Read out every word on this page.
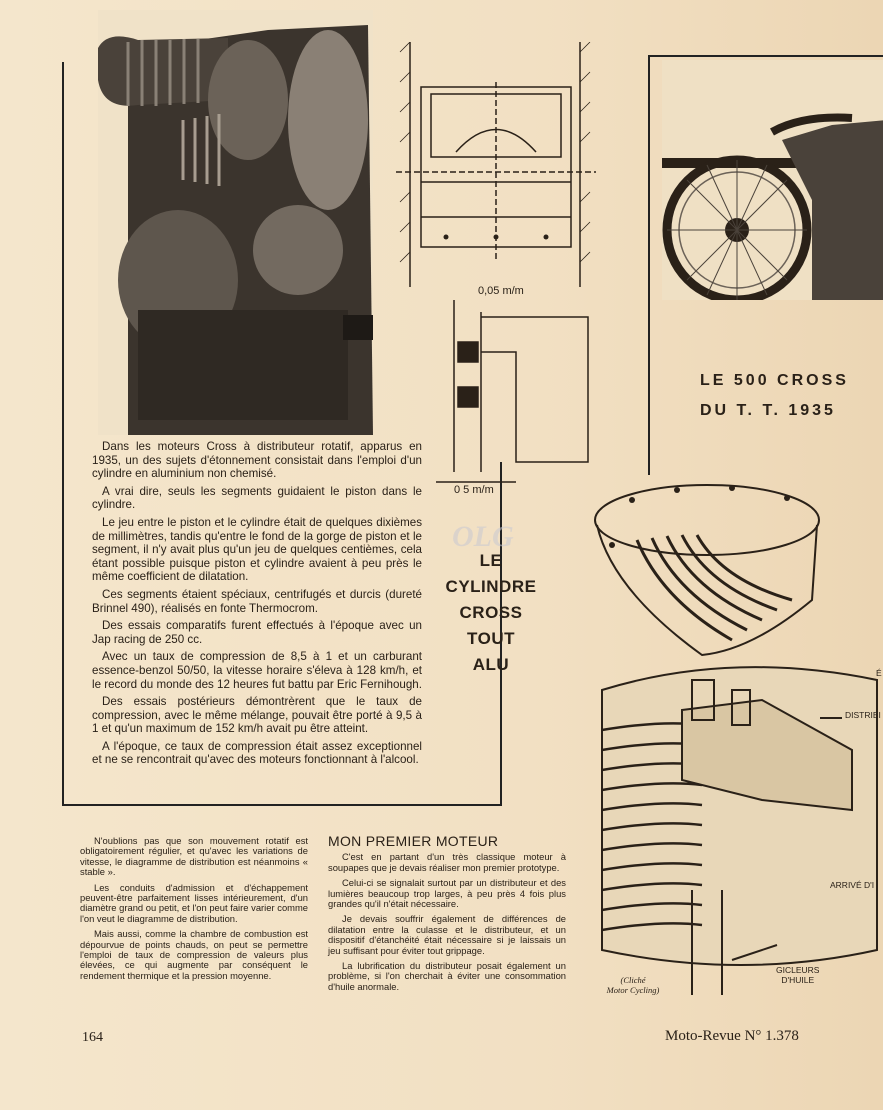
0,05 m/m
0 5 m/m

Dans les moteurs Cross à distributeur rotatif, apparus en 1935, un des sujets d'étonnement consistait dans l'emploi d'un cylindre en aluminium non chemisé.

A vrai dire, seuls les segments guidaient le piston dans le cylindre.

Le jeu entre le piston et le cylindre était de quelques dixièmes de millimètres, tandis qu'entre le fond de la gorge de piston et le segment, il n'y avait plus qu'un jeu de quelques centièmes, cela étant possible puisque piston et cylindre avaient à peu près le même coefficient de dilatation.

Ces segments étaient spéciaux, centrifugés et durcis (dureté Brinnel 490), réalisés en fonte Thermocrom.

Des essais comparatifs furent effectués à l'époque avec un Jap racing de 250 cc.

Avec un taux de compression de 8,5 à 1 et un carburant essence-benzol 50/50, la vitesse horaire s'éleva à 128 km/h, et le record du monde des 12 heures fut battu par Eric Fernihough.

Des essais postérieurs démontrèrent que le taux de compression, avec le même mélange, pouvait être porté à 9,5 à 1 et qu'un maximum de 152 km/h avait pu être atteint.

A l'époque, ce taux de compression était assez exceptionnel et ne se rencontrait qu'avec des moteurs fonctionnant à l'alcool.

OLG
LE
CYLINDRE
CROSS
TOUT
ALU
LE 500 CROSS
DU T. T. 1935
É
DISTRIBI
ARRIVÉ D'I
GICLEURS
D'HUILE
(Cliché
Motor Cycling)

N'oublions pas que son mouvement rotatif est obligatoirement régulier, et qu'avec les variations de vitesse, le diagramme de distribution est néanmoins « stable ».

Les conduits d'admission et d'échappement peuvent-être parfaitement lisses intérieurement, d'un diamètre grand ou petit, et l'on peut faire varier comme l'on veut le diagramme de distribution.

Mais aussi, comme la chambre de combustion est dépourvue de points chauds, on peut se permettre l'emploi de taux de compression de valeurs plus élevées, ce qui augmente par conséquent le rendement thermique et la pression moyenne.

MON PREMIER MOTEUR

C'est en partant d'un très classique moteur à soupapes que je devais réaliser mon premier prototype.

Celui-ci se signalait surtout par un distributeur et des lumières beaucoup trop larges, à peu près 4 fois plus grandes qu'il n'était nécessaire.

Je devais souffrir également de différences de dilatation entre la culasse et le distributeur, et un dispositif d'étanchéité était nécessaire si je laissais un jeu suffisant pour éviter tout grippage.

La lubrification du distributeur posait également un problème, si l'on cherchait à éviter une consommation d'huile anormale.

164	Moto-Revue N° 1.378
